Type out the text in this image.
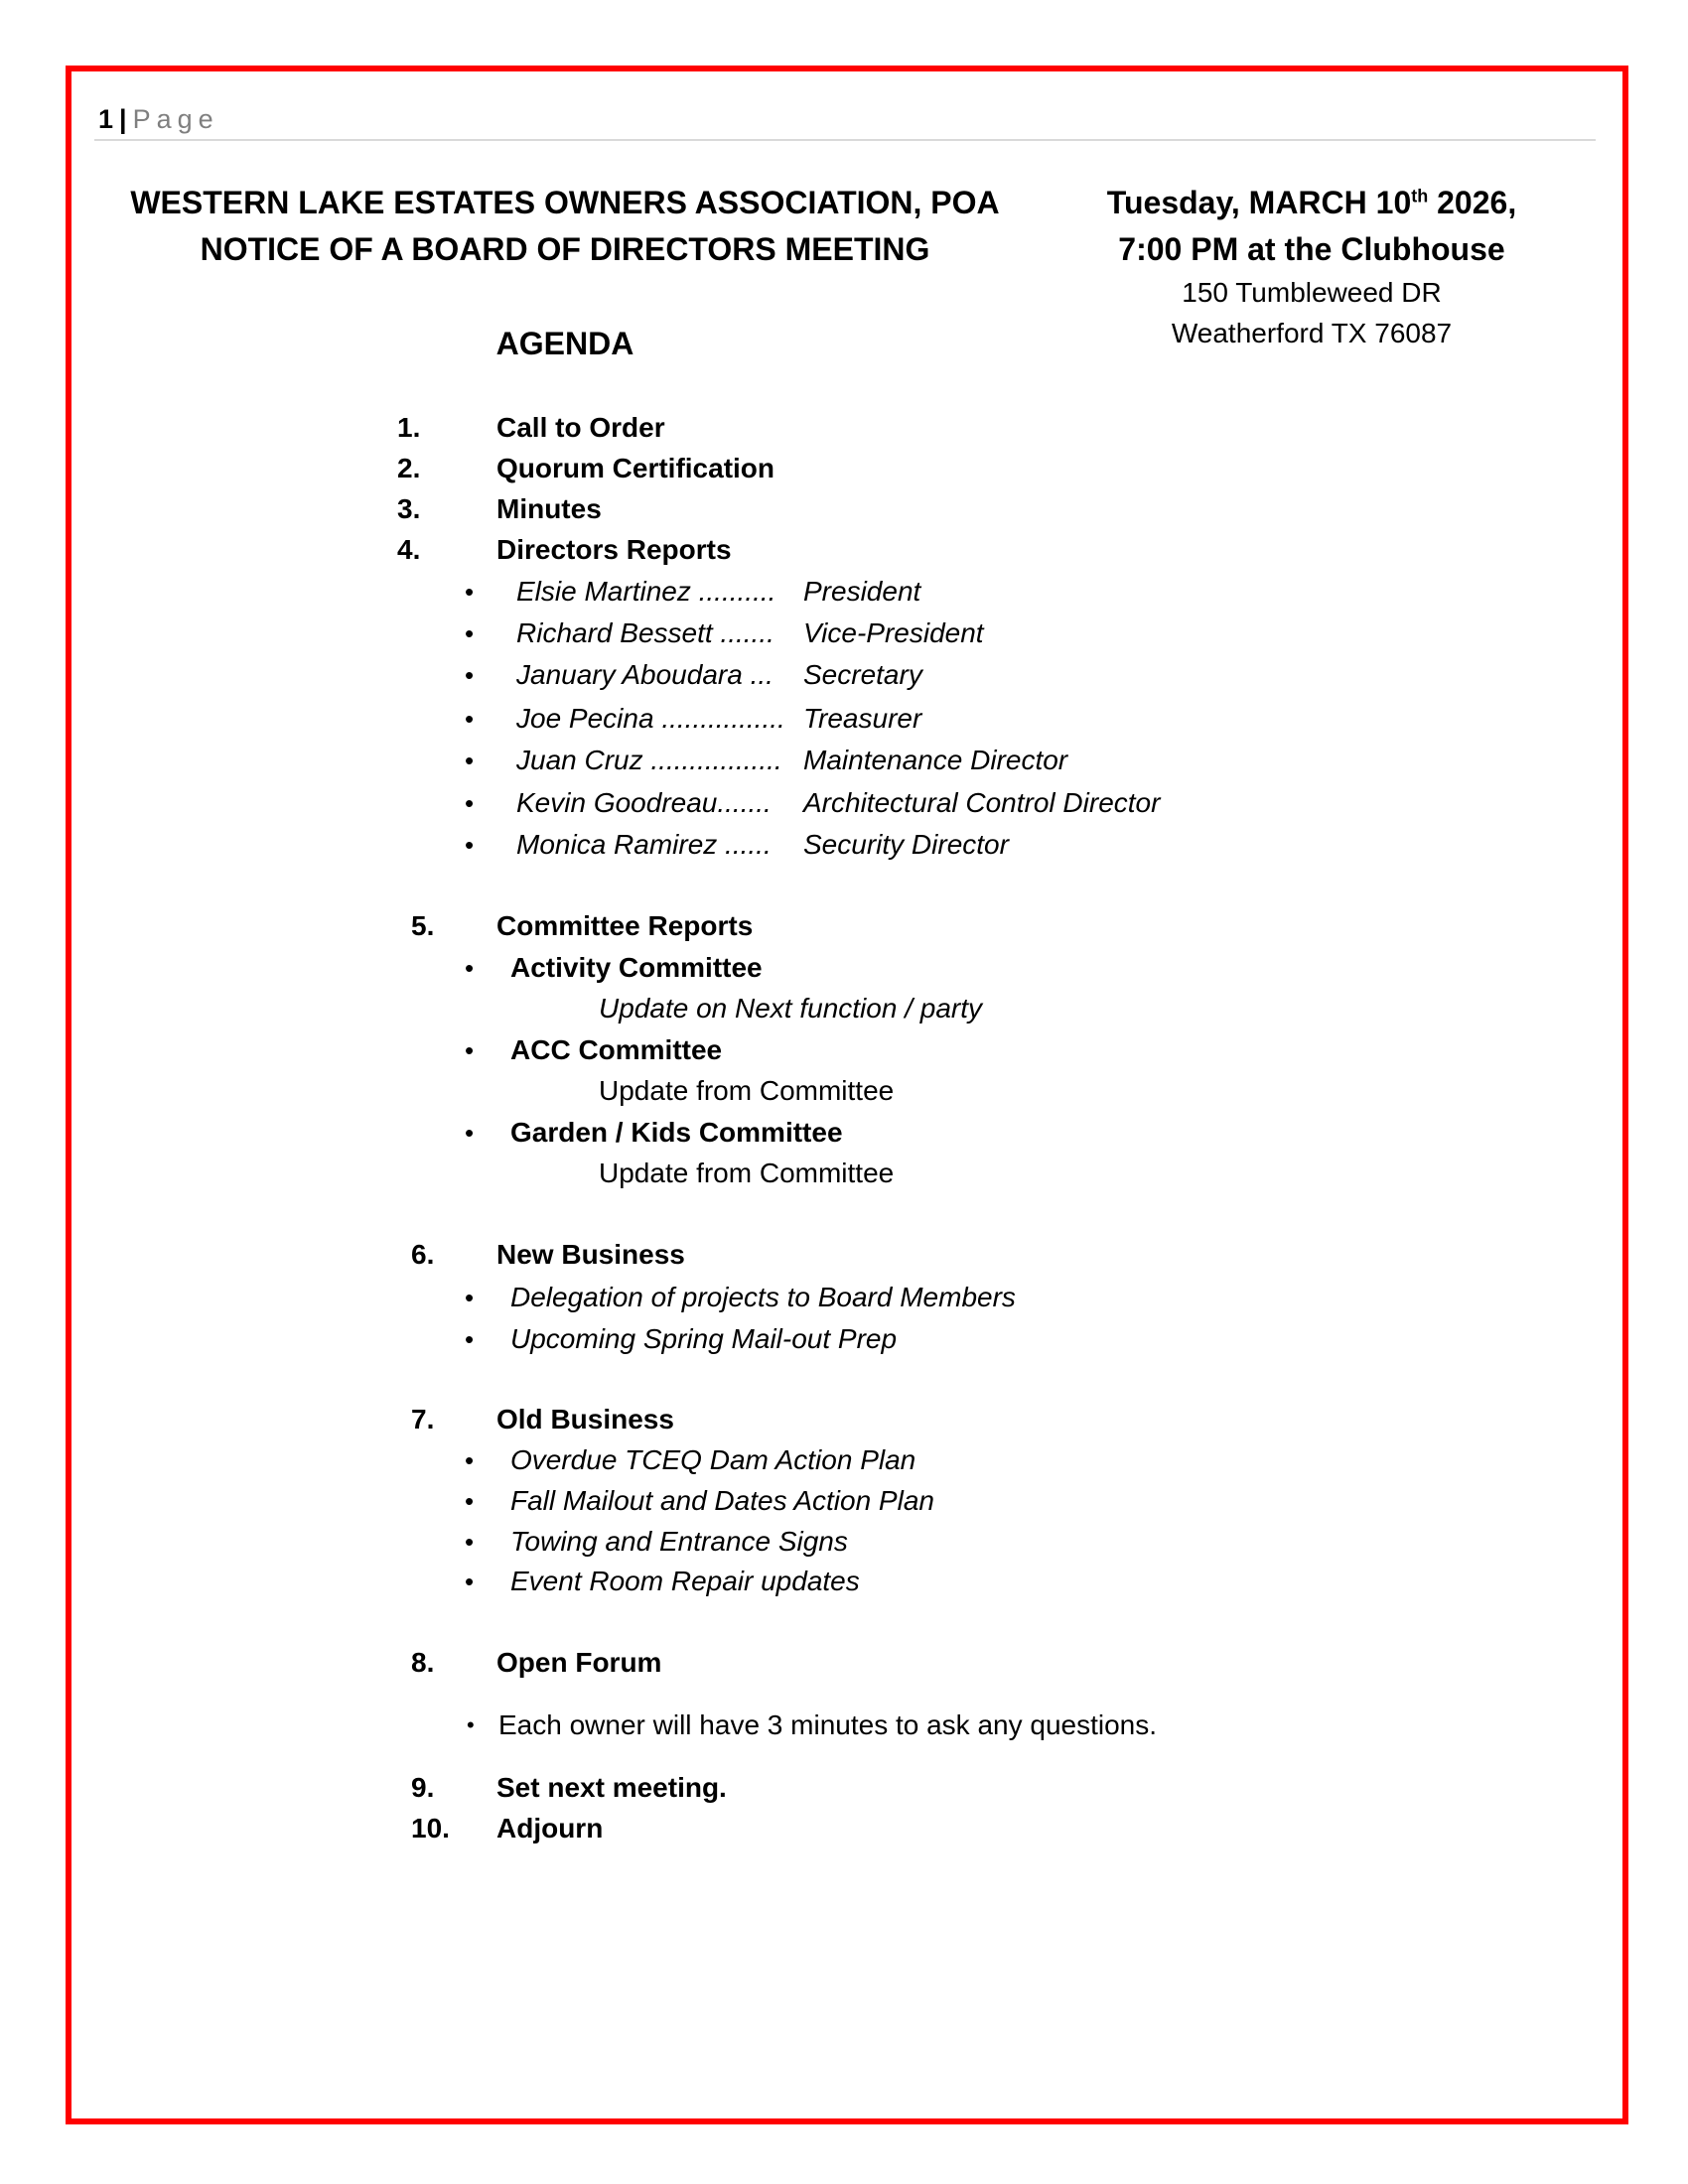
1 | Page
WESTERN LAKE ESTATES OWNERS ASSOCIATION, POA
NOTICE OF A BOARD OF DIRECTORS MEETING
AGENDA
Tuesday, MARCH 10th 2026,
7:00 PM at the Clubhouse
150 Tumbleweed DR
Weatherford TX 76087
1.	Call to Order
2.	Quorum Certification
3.	Minutes
4.	Directors Reports
5. Committee Reports
6. New Business
7. Old Business
8. Open Forum
9. Set next meeting.
10. Adjourn
• Elsie Martinez .......... President
• Richard Bessett ....... Vice-President
• January Aboudara ... Secretary
• Joe Pecina ................ Treasurer
• Juan Cruz ................. Maintenance Director
• Kevin Goodreau....... Architectural Control Director
• Monica Ramirez ...... Security Director
• Activity Committee
Update on Next function / party
• ACC Committee
Update from Committee
• Garden / Kids Committee
Update from Committee
• Delegation of projects to Board Members
• Upcoming Spring Mail-out Prep
• Overdue TCEQ Dam Action Plan
• Fall Mailout and Dates Action Plan
• Towing and Entrance Signs
• Event Room Repair updates
• Each owner will have 3 minutes to ask any questions.
